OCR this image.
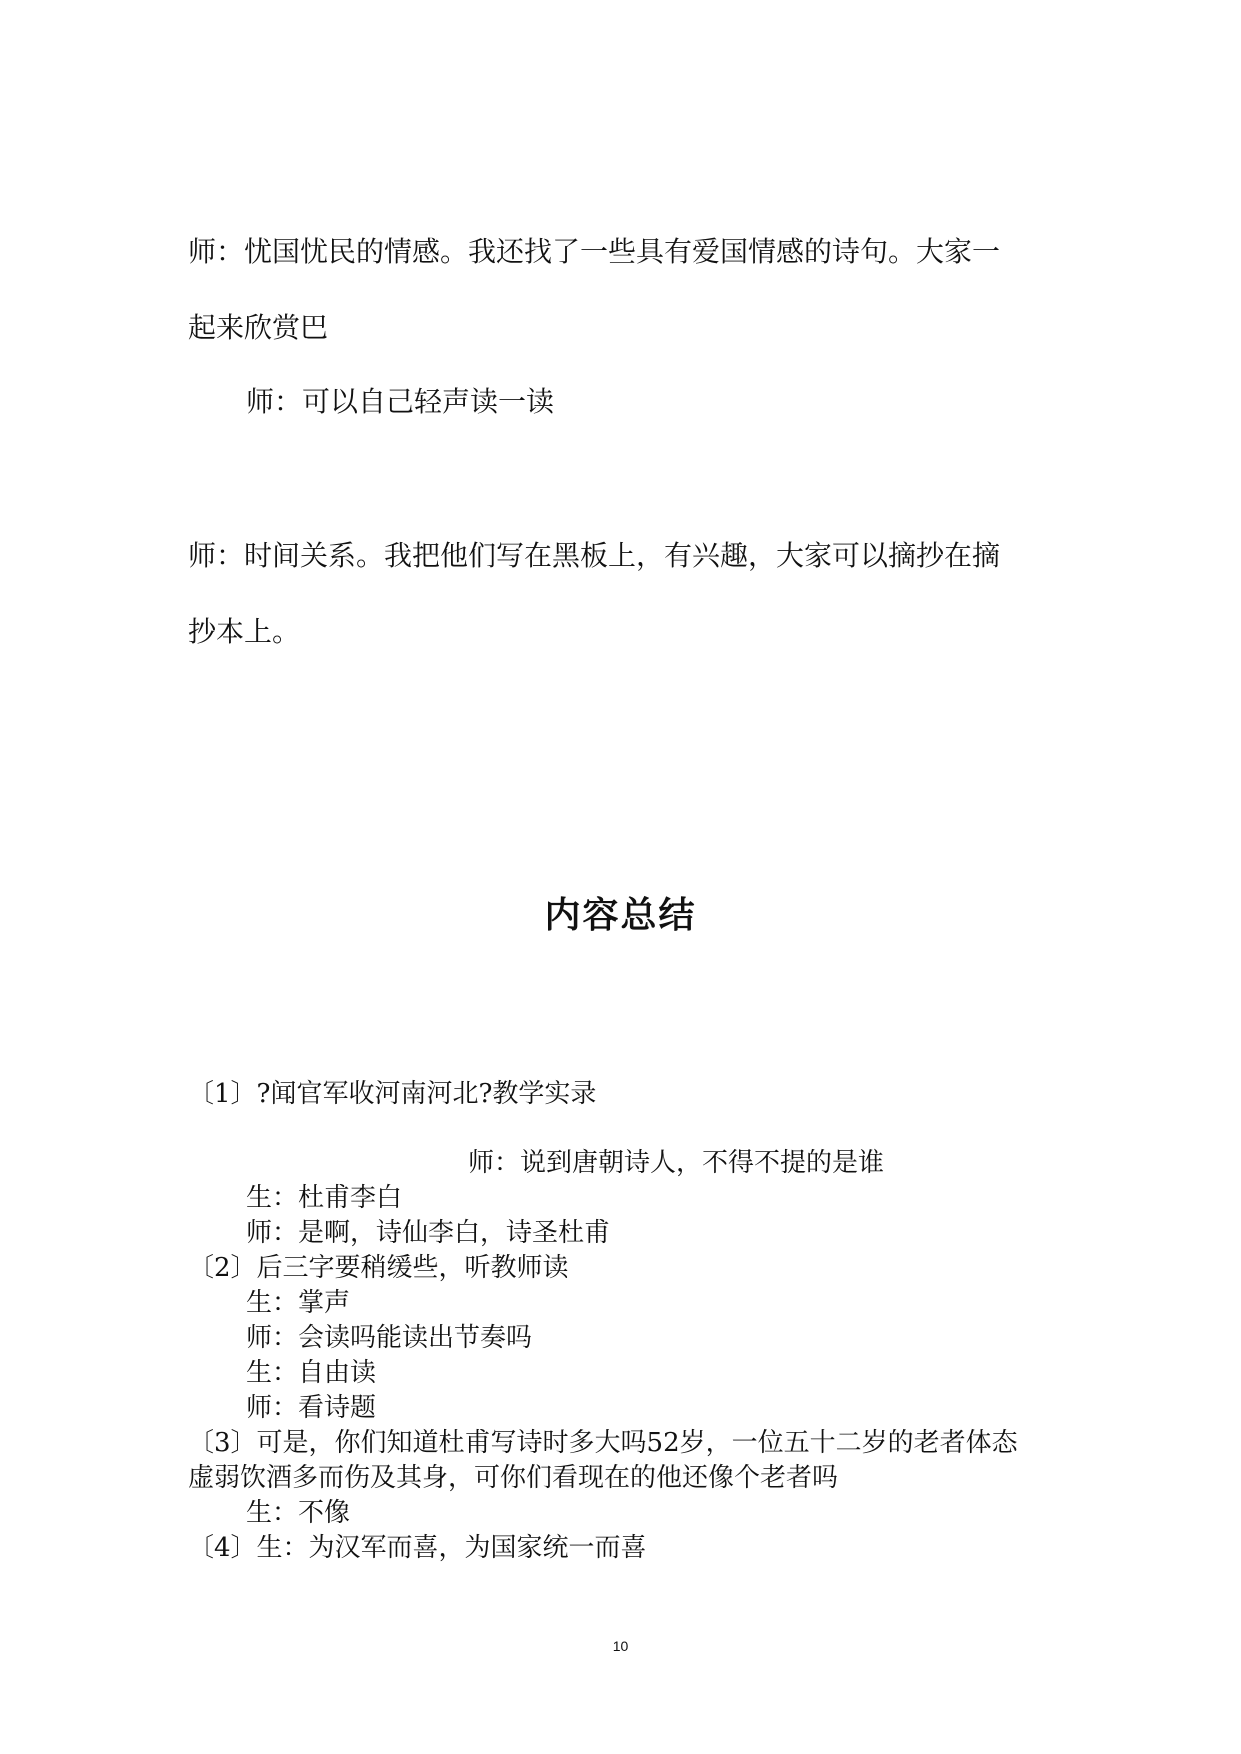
师：忧国忧民的情感。我还找了一些具有爱国情感的诗句。大家一
起来欣赏巴
师：可以自己轻声读一读
师：时间关系。我把他们写在黑板上，有兴趣，大家可以摘抄在摘
抄本上。
内容总结
〔1〕?闻官军收河南河北?教学实录
师：说到唐朝诗人，不得不提的是谁
生：杜甫李白
师：是啊，诗仙李白，诗圣杜甫
〔2〕后三字要稍缓些，听教师读
生：掌声
师：会读吗能读出节奏吗
生：自由读
师：看诗题
〔3〕可是，你们知道杜甫写诗时多大吗52岁，一位五十二岁的老者体态
虚弱饮酒多而伤及其身，可你们看现在的他还像个老者吗
生：不像
〔4〕生：为汉军而喜，为国家统一而喜
10
